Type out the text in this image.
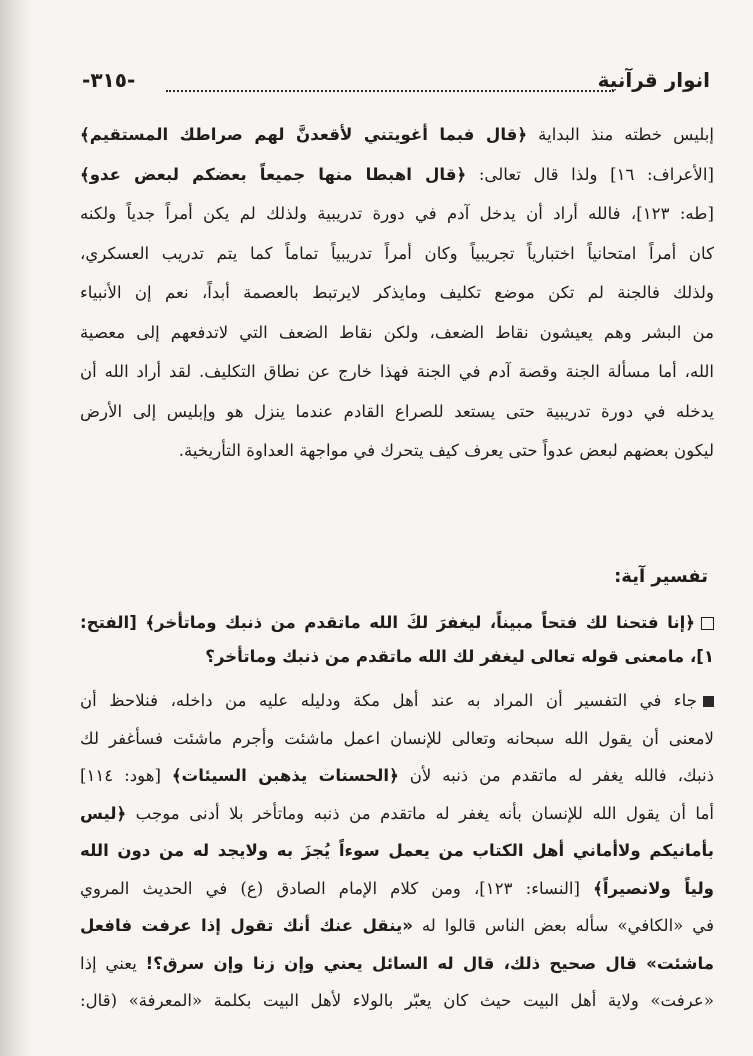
انوار قرآنية
-٣١٥-
إبليس خطته منذ البداية ﴿قال فبما أغويتني لأقعدنَّ لهم صراطك المستقيم﴾
[الأعراف: ١٦] ولذا قال تعالى: ﴿قال اهبطا منها جميعاً بعضكم لبعض عدو﴾
[طه: ١٢٣]، فالله أراد أن يدخل آدم في دورة تدريبية ولذلك لم يكن أمراً جدياً ولكنه
كان أمراً امتحانياً اختبارياً تجريبياً وكان أمراً تدريبياً تماماً كما يتم تدريب العسكري،
ولذلك فالجنة لم تكن موضع تكليف ومايذكر لايرتبط بالعصمة أبداً، نعم إن الأنبياء
من البشر وهم يعيشون نقاط الضعف، ولكن نقاط الضعف التي لاتدفعهم إلى معصية
الله، أما مسألة الجنة وقصة آدم في الجنة فهذا خارج عن نطاق التكليف. لقد أراد الله أن
يدخله في دورة تدريبية حتى يستعد للصراع القادم عندما ينزل هو وإبليس إلى الأرض
ليكون بعضهم لبعض عدواً حتى يعرف كيف يتحرك في مواجهة العداوة التأريخية.
تفسير آية:
﴿إنا فتحنا لك فتحاً مبيناً، ليغفرَ لكَ الله ماتقدم من ذنبك وماتأخر﴾ [الفتح:
١]، مامعنى قوله تعالى ليغفر لك الله ماتقدم من ذنبك وماتأخر؟
جاء في التفسير أن المراد به عند أهل مكة ودليله عليه من داخله، فنلاحظ أن
لامعنى أن يقول الله سبحانه وتعالى للإنسان اعمل ماشئت وأجرم ماشئت فسأغفر لك
ذنبك، فالله يغفر له ماتقدم من ذنبه لأن ﴿الحسنات يذهبن السيئات﴾ [هود: ١١٤]
أما أن يقول الله للإنسان بأنه يغفر له ماتقدم من ذنبه وماتأخر بلا أدنى موجب ﴿ليس
بأمانيكم ولاأماني أهل الكتاب من يعمل سوءاً يُجزَ به ولايجد له من دون الله
ولياً ولانصيراً﴾ [النساء: ١٢٣]، ومن كلام الإمام الصادق (ع) في الحديث المروي
في «الكافي» سأله بعض الناس قالوا له «ينقل عنك أنك تقول إذا عرفت فافعل
ماشئت» قال صحيح ذلك، قال له السائل يعني وإن زنا وإن سرق؟! يعني إذا
«عرفت» ولاية أهل البيت حيث كان يعبّر بالولاء لأهل البيت بكلمة «المعرفة» (قال:
